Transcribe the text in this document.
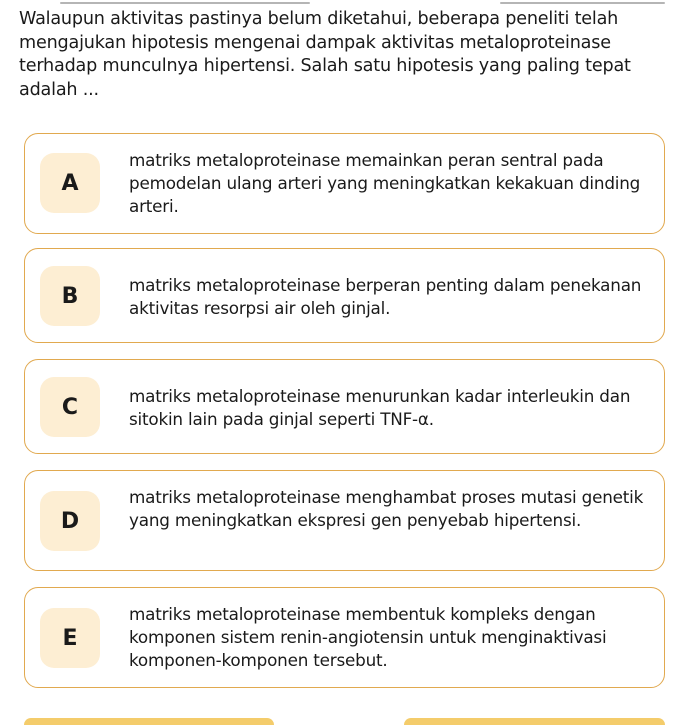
Walaupun aktivitas pastinya belum diketahui, beberapa peneliti telah mengajukan hipotesis mengenai dampak aktivitas metaloproteinase terhadap munculnya hipertensi. Salah satu hipotesis yang paling tepat adalah ...
A
matriks metaloproteinase memainkan peran sentral pada pemodelan ulang arteri yang meningkatkan kekakuan dinding arteri.
B	matriks metaloproteinase berperan penting dalam penekanan aktivitas resorpsi air oleh ginjal.
C	matriks metaloproteinase menurunkan kadar interleukin dan sitokin lain pada ginjal seperti TNF-α.
D
matriks metaloproteinase menghambat proses mutasi genetik yang meningkatkan ekspresi gen penyebab hipertensi.
E
matriks metaloproteinase membentuk kompleks dengan komponen sistem renin-angiotensin untuk menginaktivasi komponen-komponen tersebut.
